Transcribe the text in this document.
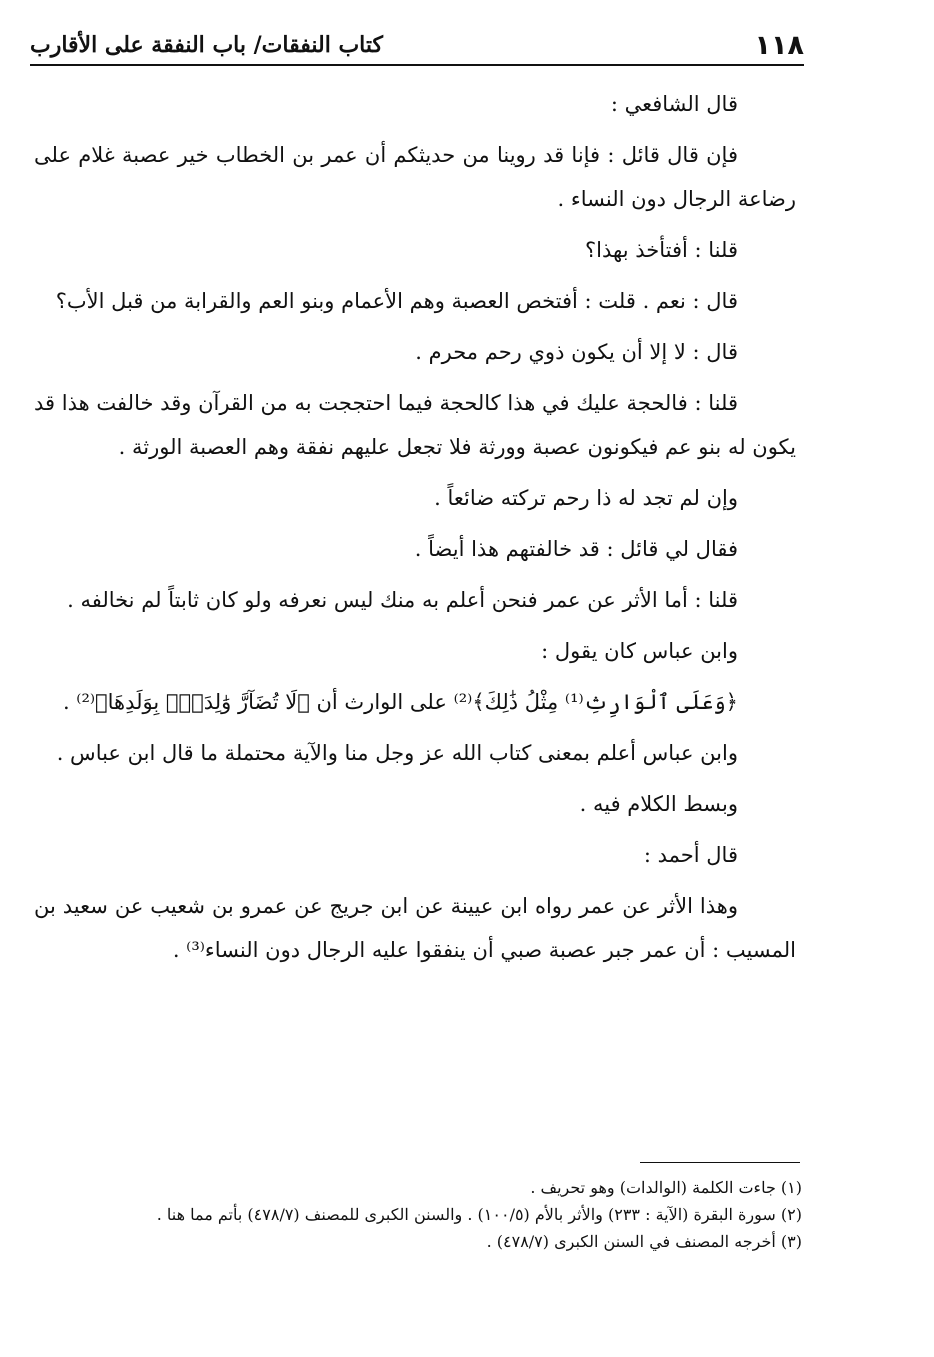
١١٨
كتاب النفقات/ باب النفقة على الأقارب

قال الشافعي :

فإن قال قائل : فإنا قد روينا من حديثكم أن عمر بن الخطاب خير عصبة غلام على رضاعة الرجال دون النساء .

قلنا : أفتأخذ بهذا؟

قال : نعم . قلت : أفتخص العصبة وهم الأعمام وبنو العم والقرابة من قبل الأب؟

قال : لا إلا أن يكون ذوي رحم محرم .

قلنا : فالحجة عليك في هذا كالحجة فيما احتججت به من القرآن وقد خالفت هذا قد يكون له بنو عم فيكونون عصبة وورثة فلا تجعل عليهم نفقة وهم العصبة الورثة .

وإن لم تجد له ذا رحم تركته ضائعاً .

فقال لي قائل : قد خالفتهم هذا أيضاً .

قلنا : أما الأثر عن عمر فنحن أعلم به منك ليس نعرفه ولو كان ثابتاً لم نخالفه .

وابن عباس كان يقول :

﴿وَعَلَى ٱلْوَارِثِ⁽¹⁾ مِثْلُ ذَٰلِكَ﴾⁽²⁾ على الوارث أن ﴿لَا تُضَآرَّ وَٰلِدَةٌۢ بِوَلَدِهَا﴾⁽²⁾ .

وابن عباس أعلم بمعنى كتاب الله عز وجل منا والآية محتملة ما قال ابن عباس .

وبسط الكلام فيه .

قال أحمد :

وهذا الأثر عن عمر رواه ابن عيينة عن ابن جريج عن عمرو بن شعيب عن سعيد بن المسيب : أن عمر جبر عصبة صبي أن ينفقوا عليه الرجال دون النساء⁽³⁾ .

(١) جاءت الكلمة (الوالدات) وهو تحريف .

(٢) سورة البقرة (الآية : ٢٣٣) والأثر بالأم (١٠٠/٥) . والسنن الكبرى للمصنف (٤٧٨/٧) بأتم مما هنا .

(٣) أخرجه المصنف في السنن الكبرى (٤٧٨/٧) .
